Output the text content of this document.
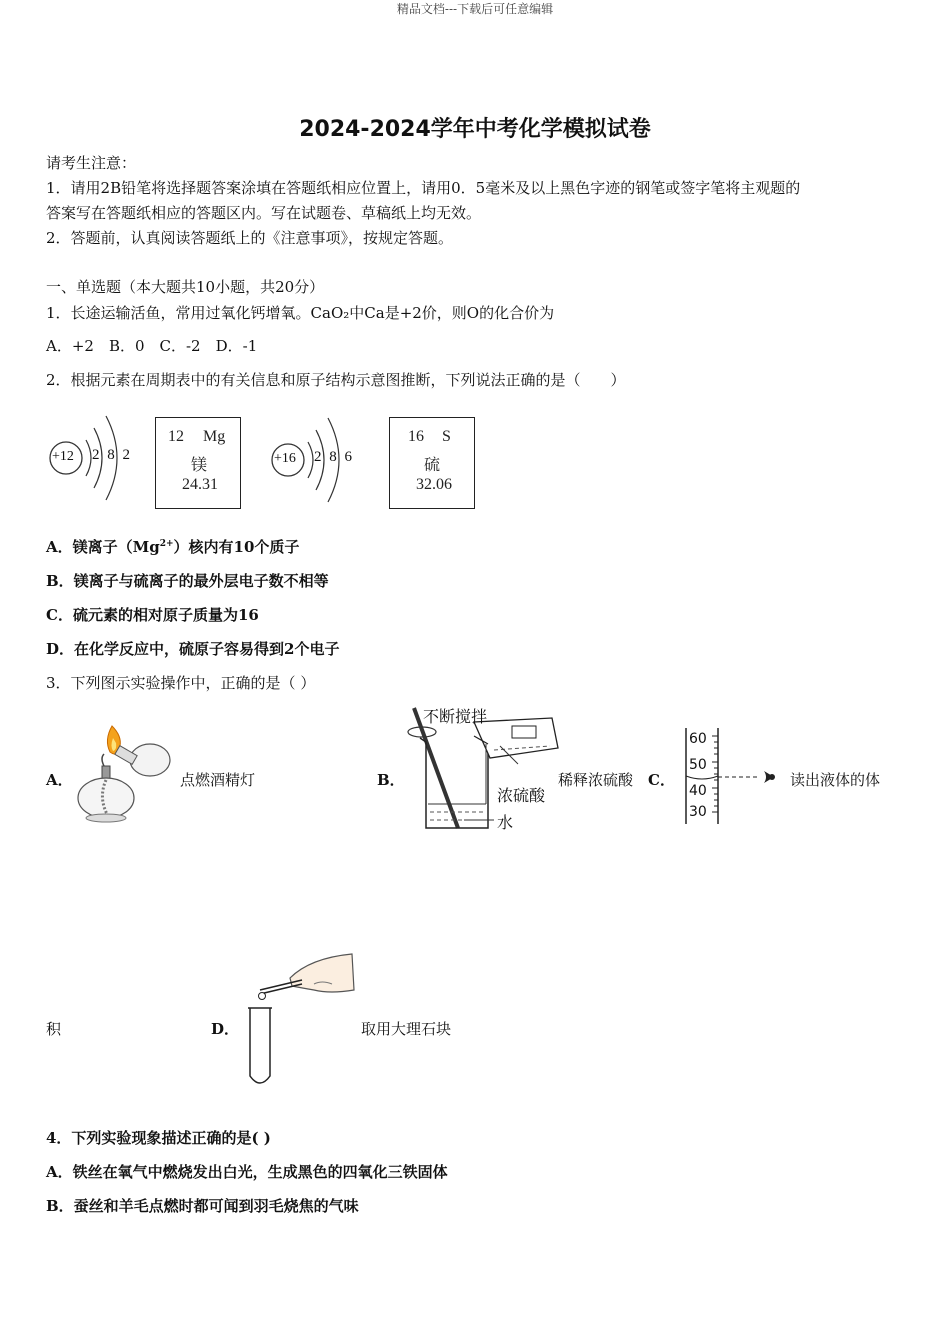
精品文档---下载后可任意编辑
2024-2024学年中考化学模拟试卷
请考生注意：
1．请用2B铅笔将选择题答案涂填在答题纸相应位置上，请用0．5毫米及以上黑色字迹的钢笔或签字笔将主观题的
答案写在答题纸相应的答题区内。写在试题卷、草稿纸上均无效。
2．答题前，认真阅读答题纸上的《注意事项》，按规定答题。
一、单选题（本大题共10小题，共20分）
1．长途运输活鱼，常用过氧化钙增氧。CaO₂中Ca是+2价，则O的化合价为
A．+2　B．0　C．-2　D．-1
2．根据元素在周期表中的有关信息和原子结构示意图推断，下列说法正确的是（　　）
+12 2 8 2
12 Mg
镁
24.31
+16 2 8 6
16 S
硫
32.06
A．镁离子$(Mg^{2+})$核内有10个质子
B．镁离子与硫离子的最外层电子数不相等
C．硫元素的相对原子质量为16
D．在化学反应中，硫原子容易得到2个电子
3．下列图示实验操作中，正确的是（ ）
A．	点燃酒精灯	B．
不断搅拌
浓硫酸
水
稀释浓硫酸 C．
60
50
40
30
读出液体的体
积	D．	取用大理石块
4．下列实验现象描述正确的是( )
A．铁丝在氧气中燃烧发出白光，生成黑色的四氧化三铁固体
B．蚕丝和羊毛点燃时都可闻到羽毛烧焦的气味
